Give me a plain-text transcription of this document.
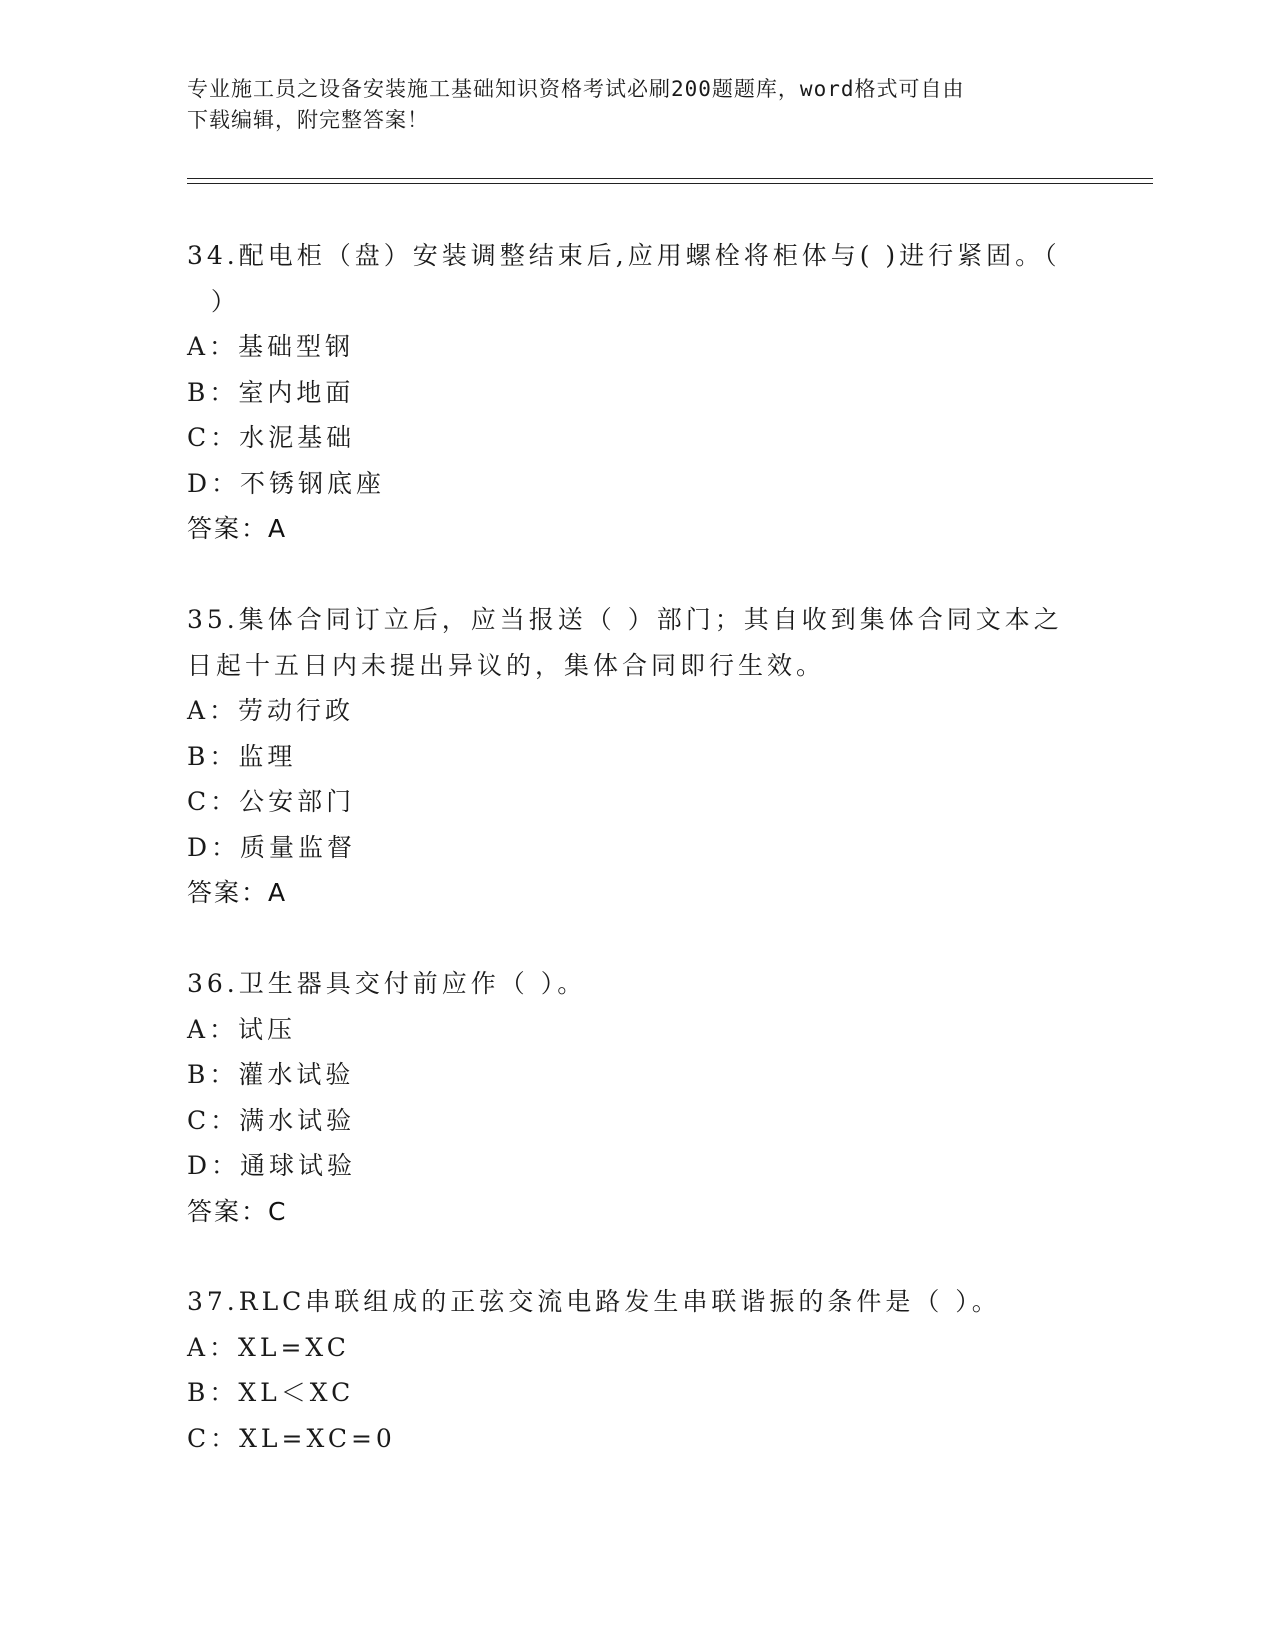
专业施工员之设备安装施工基础知识资格考试必刷200题题库，word格式可自由
下载编辑，附完整答案！
34.配电柜（盘）安装调整结束后,应用螺栓将柜体与( )进行紧固。（
）
A：基础型钢
B：室内地面
C：水泥基础
D：不锈钢底座
答案：A
35.集体合同订立后，应当报送（ ）部门；其自收到集体合同文本之
日起十五日内未提出异议的，集体合同即行生效。
A：劳动行政
B：监理
C：公安部门
D：质量监督
答案：A
36.卫生器具交付前应作（ ）。
A：试压
B：灌水试验
C：满水试验
D：通球试验
答案：C
37.RLC串联组成的正弦交流电路发生串联谐振的条件是（ ）。
A：XL=XC
B：XL＜XC
C：XL=XC=0
